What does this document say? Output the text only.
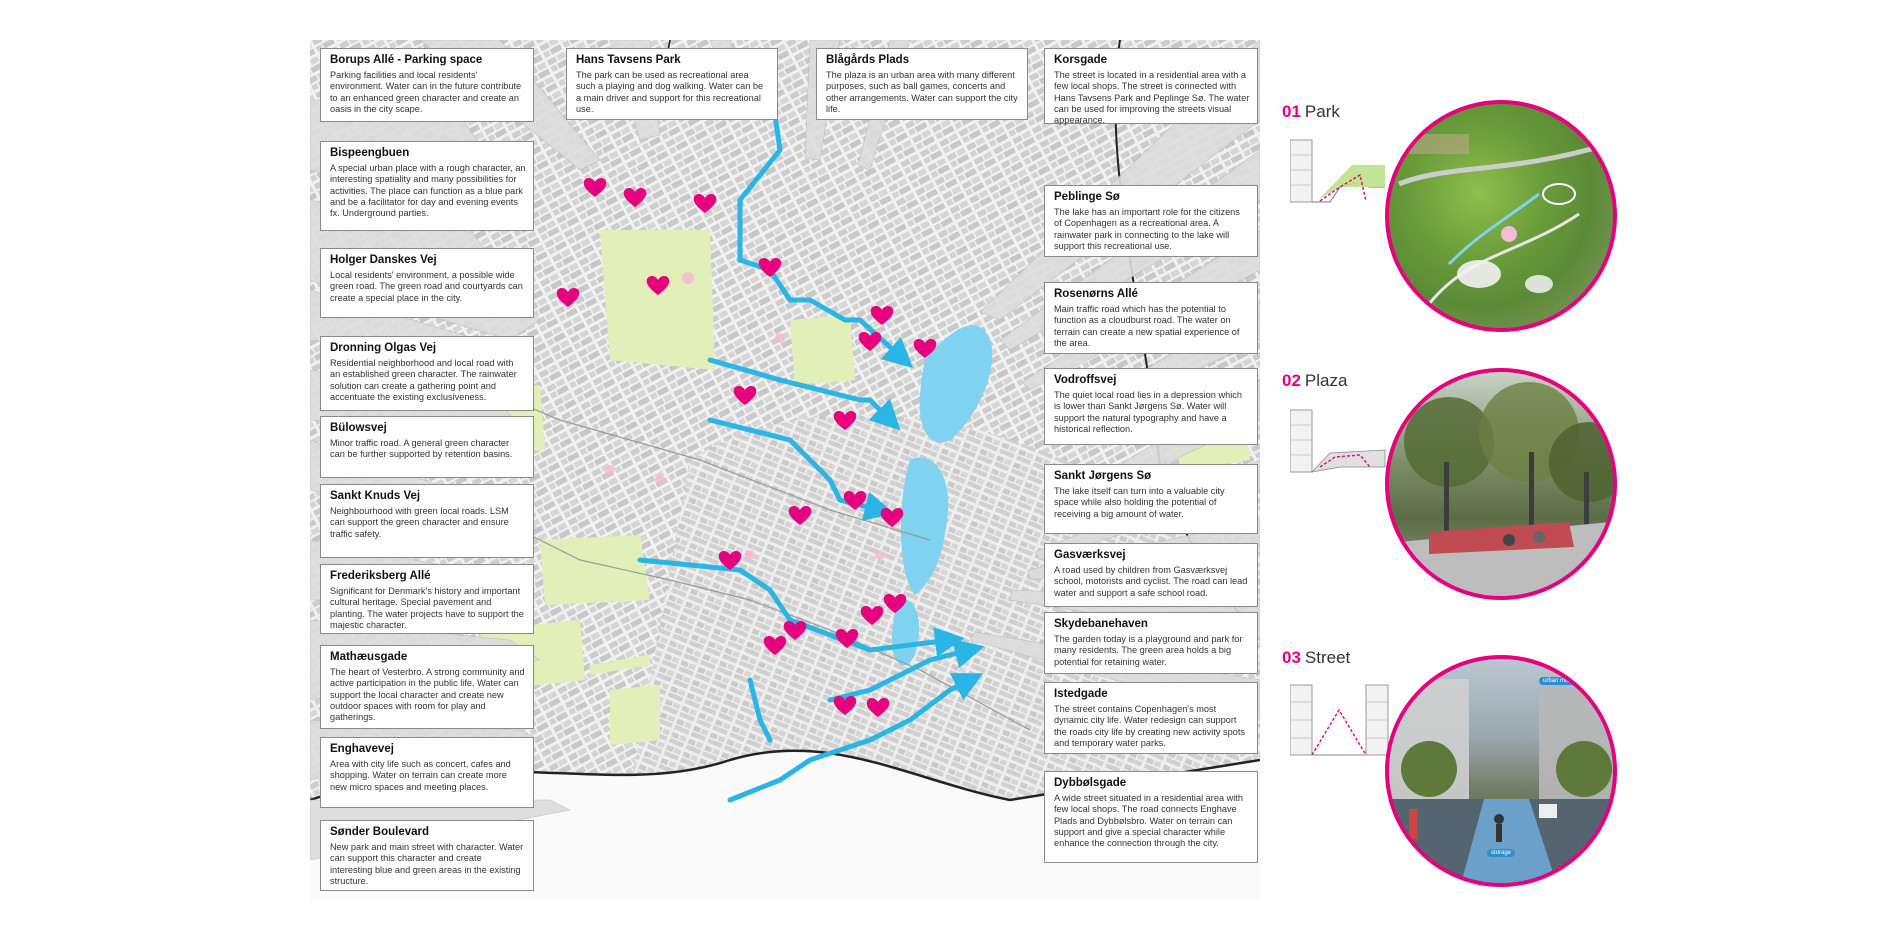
Borups Allé - Parking space

Parking facilities and local residents' environment. Water can in the future contribute to an enhanced green character and create an oasis in the city scape.

Bispeengbuen

A special urban place with a rough character, an interesting spatiality and many possibilities for activities. The place can function as a blue park and be a facilitator for day and evening events fx. Underground parties.

Holger Danskes Vej

Local residents' environment, a possible wide green road. The green road and courtyards can create a special place in the city.

Dronning Olgas Vej

Residential neighborhood and local road with an established green character. The rainwater solution can create a gathering point and accentuate the existing exclusiveness.

Bülowsvej

Minor traffic road. A general green character can be further supported by retention basins.

Sankt Knuds Vej

Neighbourhood with green local roads. LSM can support the green character and ensure traffic safety.

Frederiksberg Allé

Significant for Denmark's history and important cultural heritage. Special pavement and planting. The water projects have to support the majestic character.

Mathæusgade

The heart of Vesterbro. A strong community and active participation in the public life. Water can support the local character and create new outdoor spaces with room for play and gatherings.

Enghavevej

Area with city life such as concert, cafes and shopping. Water on terrain can create more new micro spaces and meeting places.

Sønder Boulevard

New park and main street with character. Water can support this character and create interesting blue and green areas in the existing structure.

Hans Tavsens Park

The park can be used as recreational area such a playing and dog walking. Water can be a main driver and support for this recreational use.

Blågårds Plads

The plaza is an urban area with many different purposes, such as ball games, concerts and other arrangements. Water can support the city life.

Korsgade

The street is located in a residential area with a few local shops. The street is connected with Hans Tavsens Park and Peplinge Sø. The water can be used for improving the streets visual appearance.

Peblinge Sø

The lake has an important role for the citizens of Copenhagen as a recreational area. A rainwater park in connecting to the lake will support this recreational use.

Rosenørns Allé

Main traffic road which has the potential to function as a cloudburst road. The water on terrain can create a new spatial experience of the area.

Vodroffsvej

The quiet local road lies in a depression which is lower than Sankt Jørgens Sø. Water will support the natural typography and have a historical reflection.

Sankt Jørgens Sø

The lake itself can turn into a valuable city space while also holding the potential of receiving a big amount of water.

Gasværksvej

A road used by children from Gasværksvej school, motorists and cyclist. The road can lead water and support a safe school road.

Skydebanehaven

The garden today is a playground and park for many residents. The green area holds a big potential for retaining water.

Istedgade

The street contains Copenhagen's most dynamic city life. Water redesign can support the roads city life by creating new activity spots and temporary water parks.

Dybbølsgade

A wide street situated in a residential area with few local shops. The road connects Enghave Plads and Dybbølsbro. Water on terrain can support and give a special character while enhance the connection through the city.

01 Park
02 Plaza
03 Street
urban microclimate
storage
